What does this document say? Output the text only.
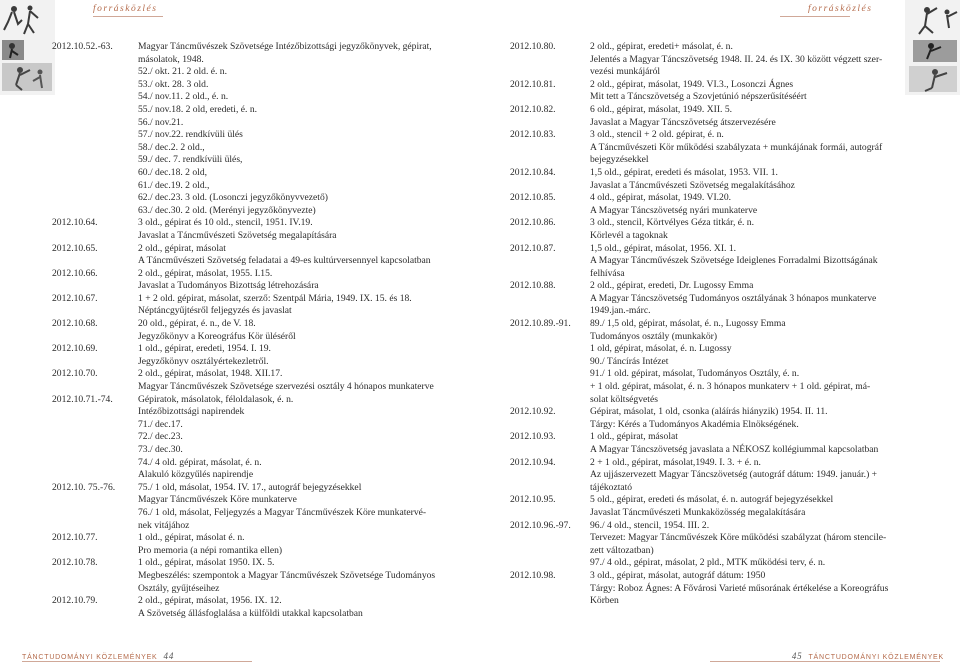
forrásközlés
2012.10.52.-63.	Magyar Táncművészek Szövetsége Intézőbizottsági jegyzőkönyvek, gépirat,
másolatok, 1948.
52./ okt. 21. 2 old. é. n.
53./ okt. 28. 3 old.
54./ nov.11. 2 old., é. n.
55./ nov.18. 2 old, eredeti, é. n.
56./ nov.21.
57./ nov.22. rendkívüli ülés
58./ dec.2. 2 old.,
59./ dec. 7. rendkívüli ülés,
60./ dec.18. 2 old,
61./ dec.19. 2 old.,
62./ dec.23. 3 old. (Losonczi jegyzőkönyvvezető)
63./ dec.30. 2 old. (Merényi jegyzőkönyvezte)
2012.10.64.	3 old., gépirat és 10 old., stencil, 1951. IV.19.
Javaslat a Táncművészeti Szövetség megalapítására
2012.10.65.	2 old., gépirat, másolat
A Táncművészeti Szövetség feladatai a 49-es kultúrversennyel kapcsolatban
2012.10.66.	2 old., gépirat, másolat, 1955. I.15.
Javaslat a Tudományos Bizottság létrehozására
2012.10.67.	1 + 2 old. gépirat, másolat, szerző: Szentpál Mária, 1949. IX. 15. és 18.
Néptáncgyűjtésről feljegyzés és javaslat
2012.10.68.	20 old., gépirat, é. n., de V. 18.
Jegyzőkönyv a Koreográfus Kör üléséről
2012.10.69.	1 old., gépirat, eredeti, 1954. I. 19.
Jegyzőkönyv osztályértekezletről.
2012.10.70.	2 old., gépirat, másolat, 1948. XII.17.
Magyar Táncművészek Szövetsége szervezési osztály 4 hónapos munkaterve
2012.10.71.-74.	Gépiratok, másolatok, féloldalasok, é. n.
Intézőbizottsági napirendek
71./ dec.17.
72./ dec.23.
73./ dec.30.
74./ 4 old. gépirat, másolat, é. n.
Alakuló közgyűlés napirendje
2012.10. 75.-76.	75./ 1 old, másolat, 1954. IV. 17., autográf bejegyzésekkel
Magyar Táncművészek Köre munkaterve
76./ 1 old, másolat, Feljegyzés a Magyar Táncművészek Köre munkatervé-
nek vitájához
2012.10.77.	1 old., gépirat, másolat é. n.
Pro memoria (a népi romantika ellen)
2012.10.78.	1 old., gépirat, másolat 1950. IX. 5.
Megbeszélés: szempontok a Magyar Táncművészek Szövetsége Tudományos
Osztály, gyűjtéseihez
2012.10.79.	2 old., gépirat, másolat, 1956. IX. 12.
A Szövetség állásfoglalása a külföldi utakkal kapcsolatban
TÁNCTUDOMÁNYI KÖZLEMÉNYEK 44
forrásközlés
2012.10.80.	2 old., gépirat, eredeti+ másolat, é. n.
Jelentés a Magyar Táncszövetség 1948. II. 24. és IX. 30 között végzett szer-
vezési munkájáról
2012.10.81.	2 old., gépirat, másolat, 1949. VI.3., Losonczi Ágnes
Mit tett a Táncszövetség a Szovjetúnió népszerűsítéséért
2012.10.82.	6 old., gépirat, másolat, 1949. XII. 5.
Javaslat a Magyar Táncszövetség átszervezésére
2012.10.83.	3 old., stencil + 2 old. gépirat, é. n.
A Táncművészeti Kör működési szabályzata + munkájának formái, autográf
bejegyzésekkel
2012.10.84.	1,5 old., gépirat, eredeti és másolat, 1953. VII. 1.
Javaslat a Táncművészeti Szövetség megalakításához
2012.10.85.	4 old., gépirat, másolat, 1949. VI.20.
A Magyar Táncszövetség nyári munkaterve
2012.10.86.	3 old., stencil, Körtvélyes Géza titkár, é. n.
Körlevél a tagoknak
2012.10.87.	1,5 old., gépirat, másolat, 1956. XI. 1.
A Magyar Táncművészek Szövetsége Ideiglenes Forradalmi Bizottságának
felhívása
2012.10.88.	2 old., gépirat, eredeti, Dr. Lugossy Emma
A Magyar Táncszövetség Tudományos osztályának 3 hónapos munkaterve
1949.jan.-márc.
2012.10.89.-91.	89./ 1,5 old, gépirat, másolat, é. n., Lugossy Emma
Tudományos osztály (munkakör)
1 old, gépirat, másolat, é. n. Lugossy
90./ Táncírás Intézet
91./ 1 old. gépirat, másolat, Tudományos Osztály, é. n.
+ 1 old. gépirat, másolat, é. n. 3 hónapos munkaterv + 1 old. gépirat, má-
solat költségvetés
2012.10.92.	Gépirat, másolat, 1 old, csonka (aláírás hiányzik) 1954. II. 11.
Tárgy: Kérés a Tudományos Akadémia Elnökségének.
2012.10.93.	1 old., gépirat, másolat
A Magyar Táncszövetség javaslata a NÉKOSZ kollégiummal kapcsolatban
2012.10.94.	2 + 1 old., gépirat, másolat,1949. I. 3. + é. n.
Az ujjászervezett Magyar Táncszövetség (autográf dátum: 1949. január.) +
tájékoztató
2012.10.95.	5 old., gépirat, eredeti és másolat, é. n. autográf bejegyzésekkel
Javaslat Táncművészeti Munkaközösség megalakítására
2012.10.96.-97.	96./ 4 old., stencil, 1954. III. 2.
Tervezet: Magyar Táncművészek Köre működési szabályzat (három stencile-
zett változatban)
97./ 4 old., gépirat, másolat, 2 pld., MTK működési terv, é. n.
2012.10.98.	3 old., gépirat, másolat, autográf dátum: 1950
Tárgy: Roboz Ágnes: A Fővárosi Varieté műsorának értékelése a Koreográfus
Körben
45 TÁNCTUDOMÁNYI KÖZLEMÉNYEK
